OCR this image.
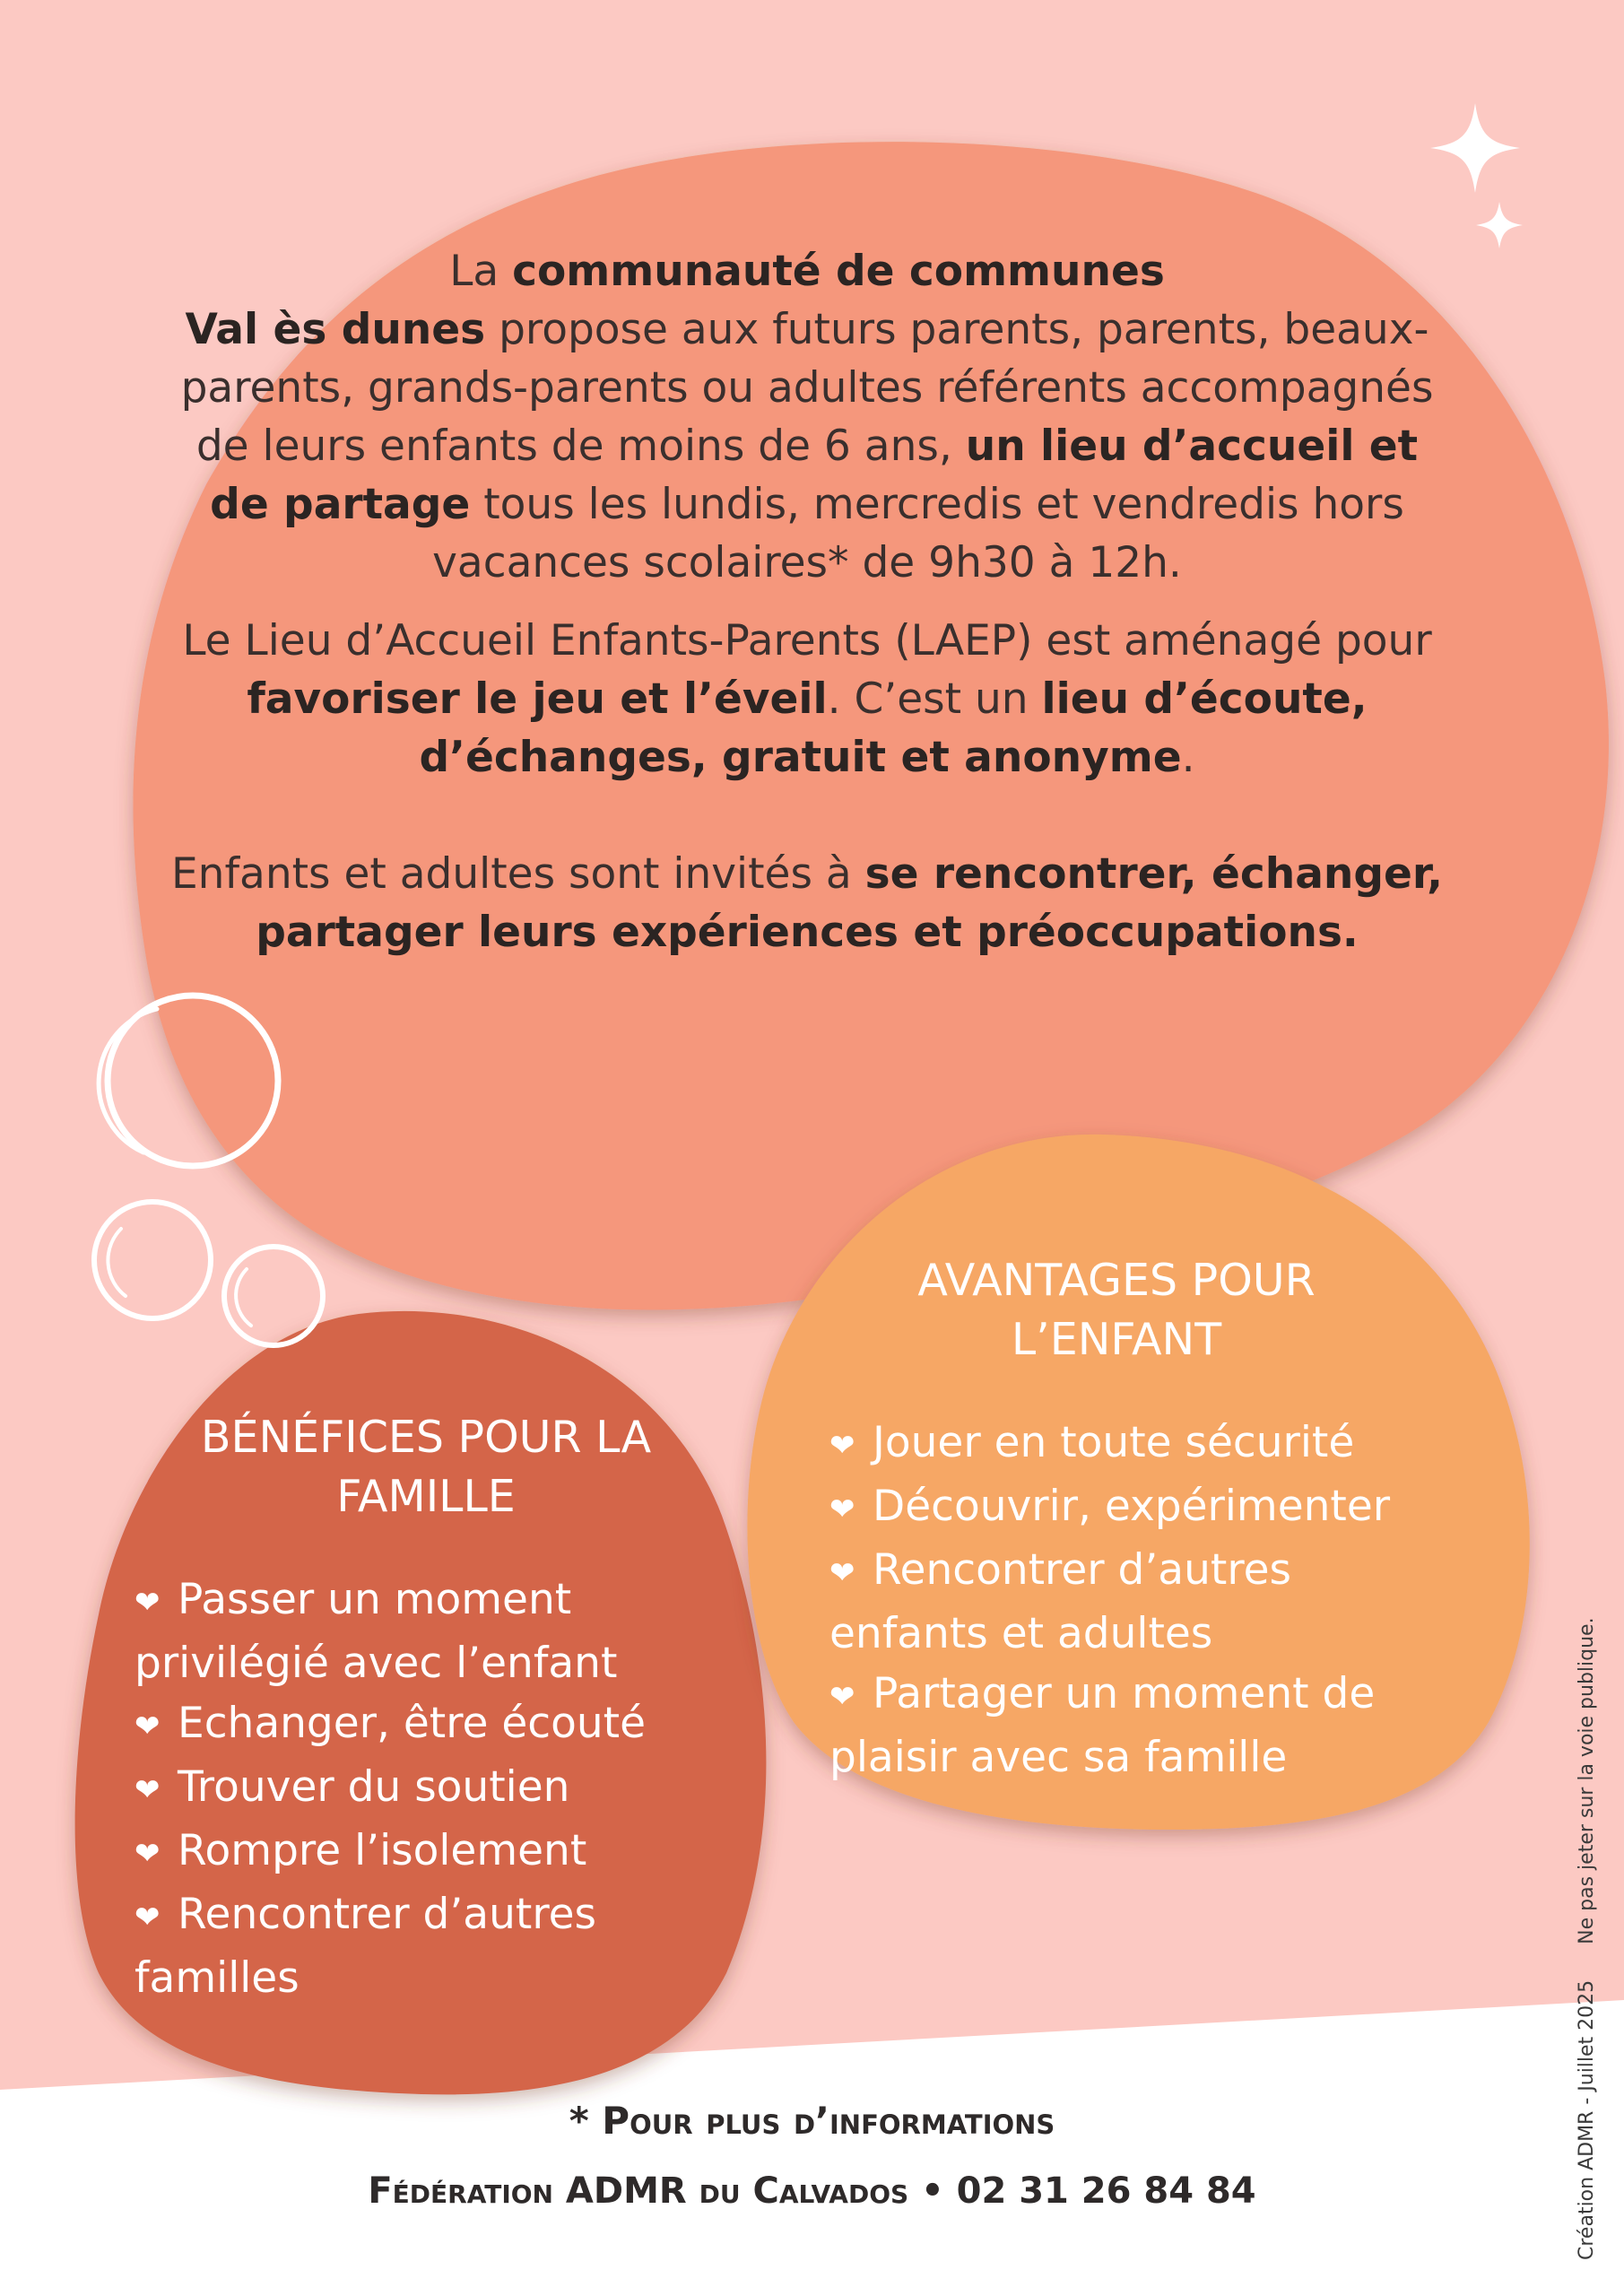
La communauté de communes
Val ès dunes propose aux futurs parents, parents, beaux-parents, grands-parents ou adultes référents accompagnés de leurs enfants de moins de 6 ans, un lieu d’accueil et de partage tous les lundis, mercredis et vendredis hors vacances scolaires* de 9h30 à 12h.

Le Lieu d’Accueil Enfants-Parents (LAEP) est aménagé pour favoriser le jeu et l’éveil. C’est un lieu d’écoute, d’échanges, gratuit et anonyme.

Enfants et adultes sont invités à se rencontrer, échanger, partager leurs expériences et préoccupations.

BÉNÉFICES POUR LA FAMILLE
❤ Passer un moment privilégié avec l’enfant
❤ Echanger, être écouté
❤ Trouver du soutien
❤ Rompre l’isolement
❤ Rencontrer d’autres familles
AVANTAGES POUR L’ENFANT
❤ Jouer en toute sécurité
❤ Découvrir, expérimenter
❤ Rencontrer d’autres enfants et adultes
❤ Partager un moment de plaisir avec sa famille
* Pour plus d’informations
Fédération ADMR du Calvados • 02 31 26 84 84	Création ADMR - Juillet 2025Ne pas jeter sur la voie publique.
